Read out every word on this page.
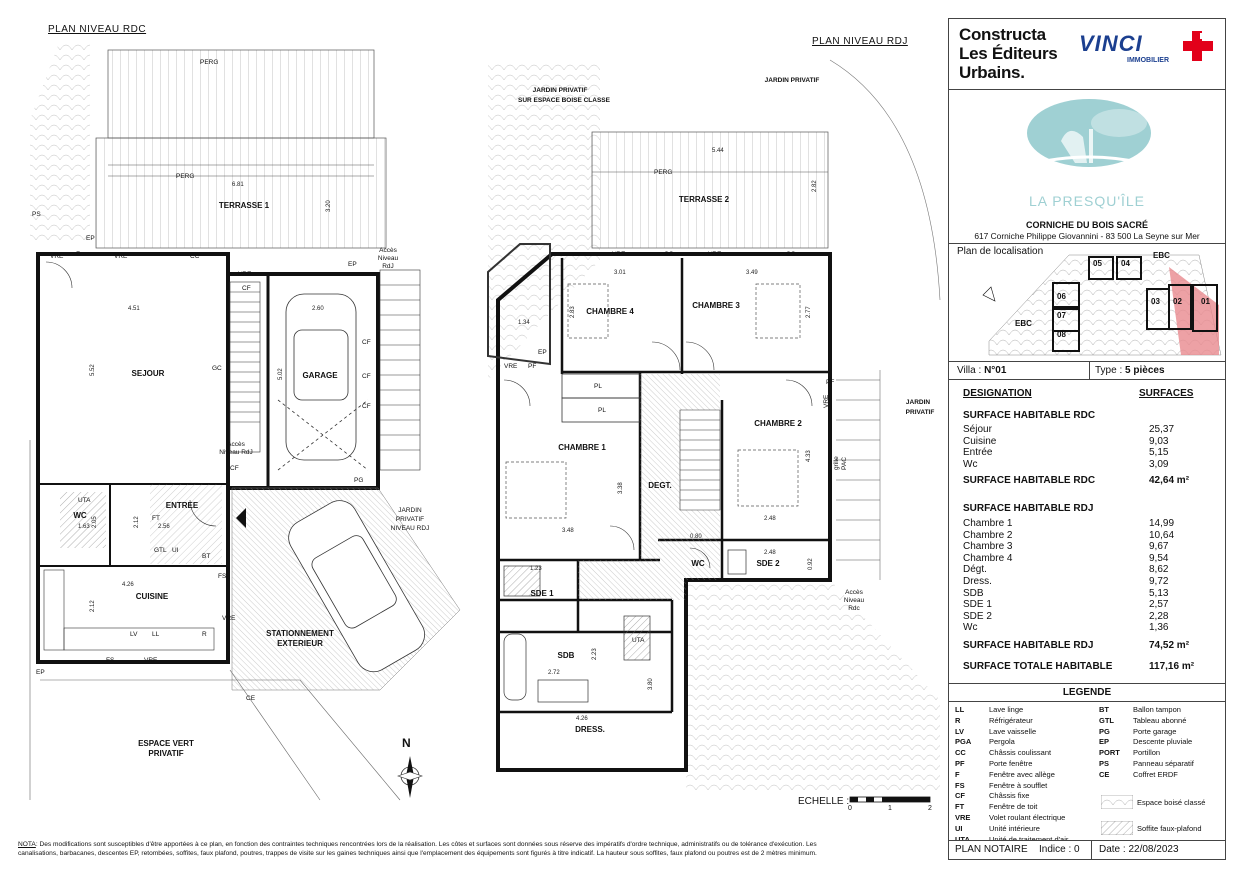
PLAN NIVEAU RDC
PLAN NIVEAU RDJ
SEJOUR
CUISINE
ENTREE
WC
GARAGE
TERRASSE 1
STATIONNEMENT
EXTERIEUR
ESPACE VERT
PRIVATIF
JARDIN
PRIVATIF
NIVEAU RDJ
PERG
PERG
VRE	VRE	CC
EP
VRE
EP
F
GC
CF
CF
CF
CF
CF
PG
UTA
FT
GTL UI
BT
FS
VRE
LV LL	R
FS	VRE
EP
CE
PS
Accès
Niveau
RdJ
Accès
Niveau RdJ
6.81
3.20
4.51
5.52
2.60
5.02
1.63 2.05	2.12	2.56
4.26
2.12
CHAMBRE 4
CHAMBRE 3
CHAMBRE 1
CHAMBRE 2
DEGT.
SDE 2
WC
SDE 1
SDB
DRESS.
TERRASSE 2
JARDIN PRIVATIF
SUR ESPACE BOISE CLASSE
JARDIN PRIVATIF
JARDIN
PRIVATIF
Accès
Niveau
Rdc
PERG
VRE	CC	VRE	CC
EP
VRE PF
PL
PL
PF
VRE
UTA
grille PAC
5.44
2.82
3.01	3.49
2.83	2.77
1.34
3.38
3.48
4.33
2.48
2.48
0.92
0.80
1.23
2.23
2.72
3.80
4.26
N
ECHELLE :
0	1	2
NOTA: Des modifications sont susceptibles d'être apportées à ce plan, en fonction des contraintes techniques rencontrées lors de la réalisation. Les côtes et surfaces sont données sous réserve des impératifs d'ordre technique, administratifs ou de tolérance d'exécution. Les
canalisations, barbacanes, descentes EP, retombées, soffites, faux plafond, poutres, trappes de visite sur les gaines techniques ainsi que l'emplacement des équipements sont figurés à titre indicatif. La hauteur sous soffites, faux plafond ou poutres est de 2 mètres minimum.
Constructa
Les Éditeurs
Urbains.
VINCI
IMMOBILIER
LA PRESQU'ÎLE
CORNICHE DU BOIS SACRÉ
617 Corniche Philippe Giovannini - 83 500 La Seyne sur Mer
Plan de localisation
05 04
EBC
06
03 02 01
07
08
EBC
Villa : N°01	Type : 5 pièces
DESIGNATION	SURFACES
SURFACE HABITABLE RDC
Séjour	25,37
Cuisine	9,03
Entrée	5,15
Wc	3,09
SURFACE HABITABLE RDC	42,64 m²
SURFACE HABITABLE RDJ
Chambre 1	14,99
Chambre 2	10,64
Chambre 3	9,67
Chambre 4	9,54
Dégt.	8,62
Dress.	9,72
SDB	5,13
SDE 1	2,57
SDE 2	2,28
Wc	1,36
SURFACE HABITABLE RDJ	74,52 m²
SURFACE TOTALE HABITABLE	117,16 m²
LEGENDE
LL	Lave linge
R	Réfrigérateur
LV	Lave vaisselle
PGA Pergola
CC	Châssis coulissant
PF	Porte fenêtre
F	Fenêtre avec allège
FS	Fenêtre à soufflet
CF	Châssis fixe
FT	Fenêtre de toit
VRE Volet roulant électrique
UI	Unité intérieure
BT	Ballon tampon
GTL	Tableau abonné
PG	Porte garage
EP	Descente pluviale
PORT Portillon
PS	Panneau séparatif
CE	Coffret ERDF
Espace boisé classé
Soffite faux-plafond
PLAN NOTAIRE Indice : 0 Date : 22/08/2023
